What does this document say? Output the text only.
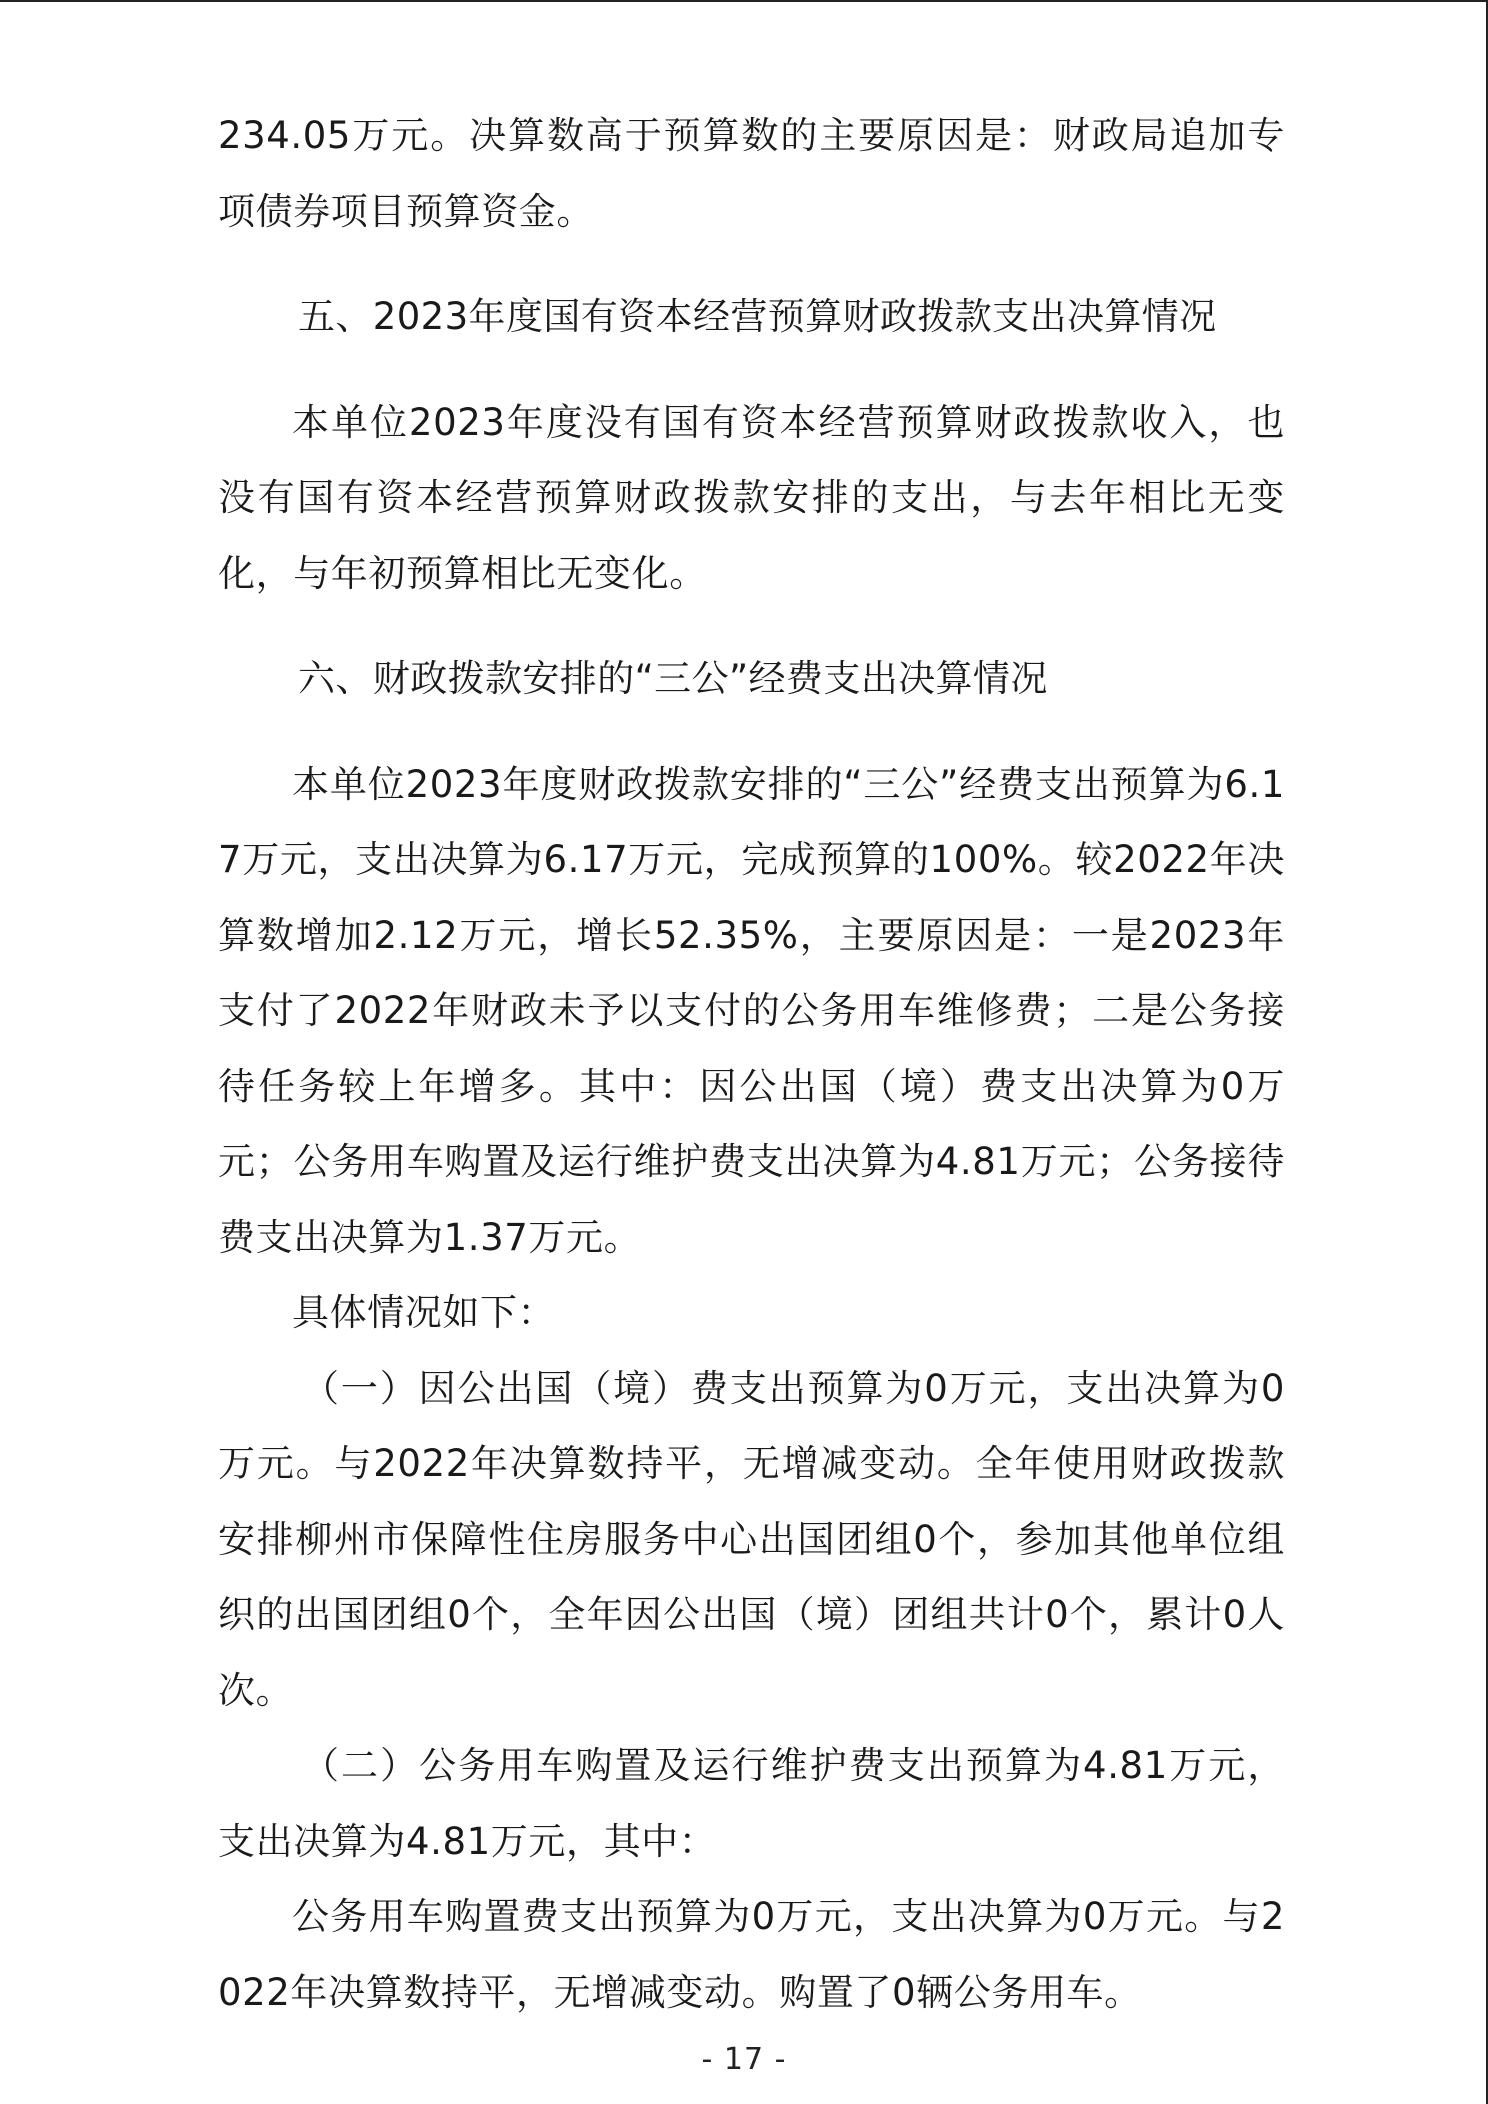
234.05万元。决算数高于预算数的主要原因是：财政局追加专项债券项目预算资金。

五、2023年度国有资本经营预算财政拨款支出决算情况

本单位2023年度没有国有资本经营预算财政拨款收入，也没有国有资本经营预算财政拨款安排的支出，与去年相比无变化，与年初预算相比无变化。

六、财政拨款安排的“三公”经费支出决算情况

本单位2023年度财政拨款安排的“三公”经费支出预算为6.17万元，支出决算为6.17万元，完成预算的100%。较2022年决算数增加2.12万元，增长52.35%，主要原因是：一是2023年支付了2022年财政未予以支付的公务用车维修费；二是公务接待任务较上年增多。其中：因公出国（境）费支出决算为0万元；公务用车购置及运行维护费支出决算为4.81万元；公务接待费支出决算为1.37万元。

具体情况如下：

（一）因公出国（境）费支出预算为0万元，支出决算为0万元。与2022年决算数持平，无增减变动。全年使用财政拨款安排柳州市保障性住房服务中心出国团组0个，参加其他单位组织的出国团组0个，全年因公出国（境）团组共计0个，累计0人次。

（二）公务用车购置及运行维护费支出预算为4.81万元，支出决算为4.81万元，其中：

公务用车购置费支出预算为0万元，支出决算为0万元。与2022年决算数持平，无增减变动。购置了0辆公务用车。

- 17 -
